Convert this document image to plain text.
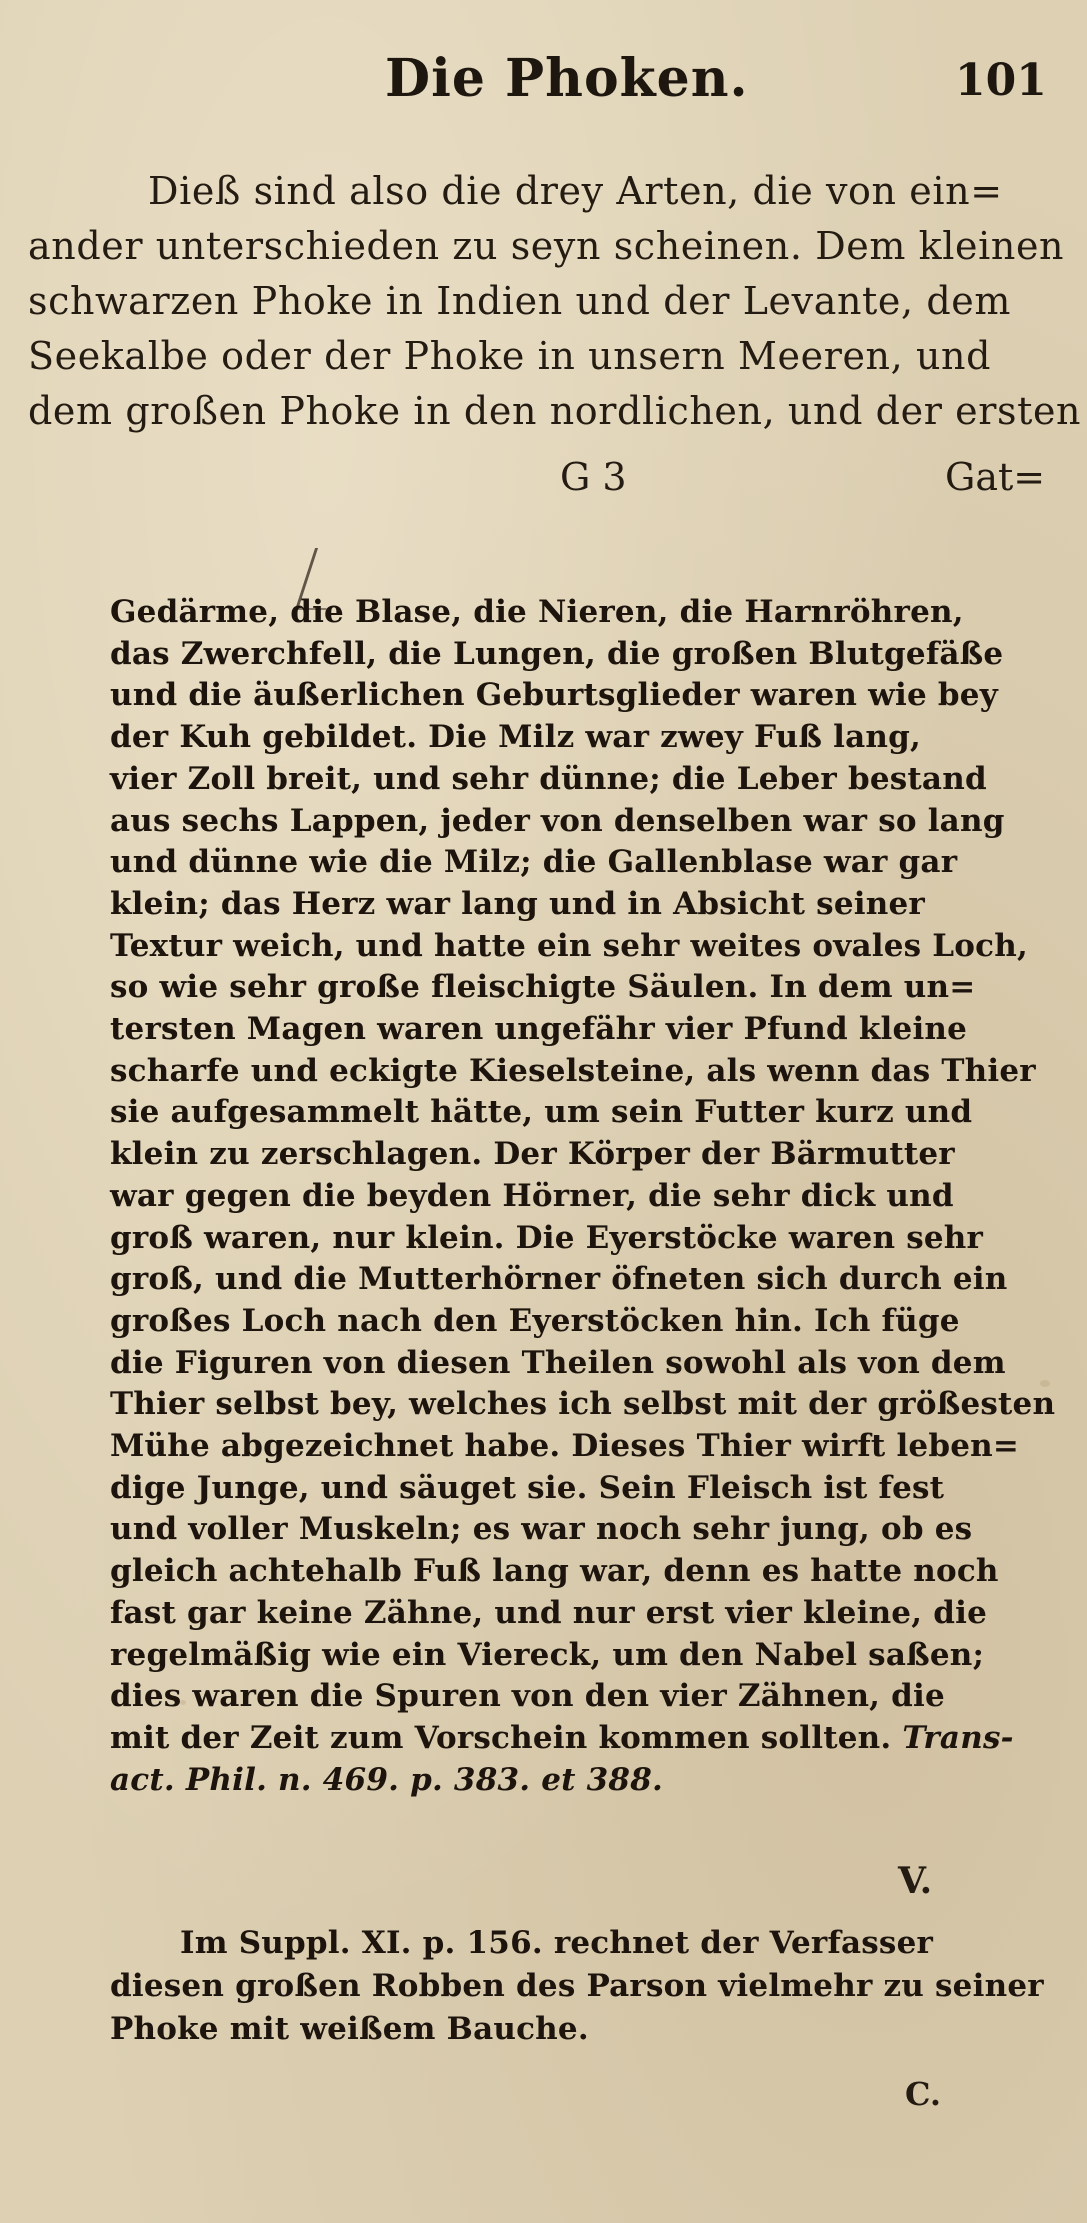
Die Phoken.	101
Dieß sind also die drey Arten, die von ein=
ander unterschieden zu seyn scheinen. Dem kleinen
schwarzen Phoke in Indien und der Levante, dem
Seekalbe oder der Phoke in unsern Meeren, und
dem großen Phoke in den nordlichen, und der ersten
G 3	Gat=
Gedärme, die Blase, die Nieren, die Harnröhren,
das Zwerchfell, die Lungen, die großen Blutgefäße
und die äußerlichen Geburtsglieder waren wie bey
der Kuh gebildet. Die Milz war zwey Fuß lang,
vier Zoll breit, und sehr dünne; die Leber bestand
aus sechs Lappen, jeder von denselben war so lang
und dünne wie die Milz; die Gallenblase war gar
klein; das Herz war lang und in Absicht seiner
Textur weich, und hatte ein sehr weites ovales Loch,
so wie sehr große fleischigte Säulen. In dem un=
tersten Magen waren ungefähr vier Pfund kleine
scharfe und eckigte Kieselsteine, als wenn das Thier
sie aufgesammelt hätte, um sein Futter kurz und
klein zu zerschlagen. Der Körper der Bärmutter
war gegen die beyden Hörner, die sehr dick und
groß waren, nur klein. Die Eyerstöcke waren sehr
groß, und die Mutterhörner öfneten sich durch ein
großes Loch nach den Eyerstöcken hin. Ich füge
die Figuren von diesen Theilen sowohl als von dem
Thier selbst bey, welches ich selbst mit der größesten
Mühe abgezeichnet habe. Dieses Thier wirft leben=
dige Junge, und säuget sie. Sein Fleisch ist fest
und voller Muskeln; es war noch sehr jung, ob es
gleich achtehalb Fuß lang war, denn es hatte noch
fast gar keine Zähne, und nur erst vier kleine, die
regelmäßig wie ein Viereck, um den Nabel saßen;
dies waren die Spuren von den vier Zähnen, die
mit der Zeit zum Vorschein kommen sollten. Trans-
act. Phil. n. 469. p. 383. et 388.
V.
Im Suppl. XI. p. 156. rechnet der Verfasser
diesen großen Robben des Parson vielmehr zu seiner
Phoke mit weißem Bauche.
C.
